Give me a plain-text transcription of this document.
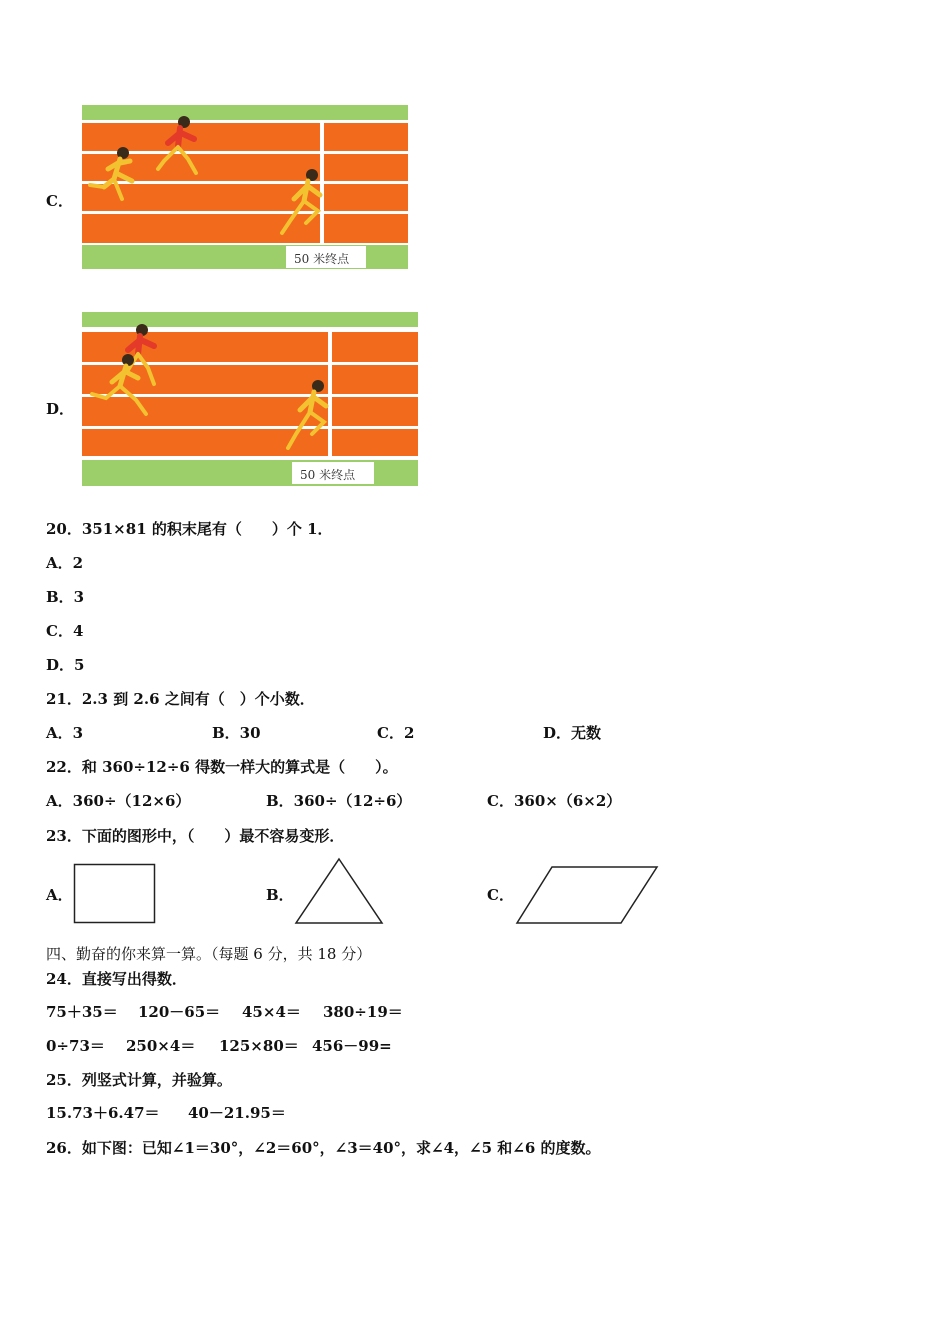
C．
50 米终点
D．
50 米终点
20．351×81 的积末尾有（　　）个 1．
A．2
B．3
C．4
D．5
21．2.3 到 2.6 之间有（　）个小数．
A．3	B．30	C．2	D．无数
22．和 360÷12÷6 得数一样大的算式是（　　）。
A．360÷（12×6）	B．360÷（12÷6）	C．360×（6×2）
23．下面的图形中，（　　）最不容易变形．
A．	B．	C．
四、勤奋的你来算一算。（每题 6 分，共 18 分）
24．直接写出得数．
75＋35＝ 120－65＝ 45×4＝ 380÷19＝
0÷73＝ 250×4＝ 125×80＝ 456－99=
25．列竖式计算，并验算。
15.73＋6.47＝ 40－21.95＝
26．如下图：已知∠1＝30°，∠2＝60°，∠3＝40°，求∠4，∠5 和∠6 的度数。
